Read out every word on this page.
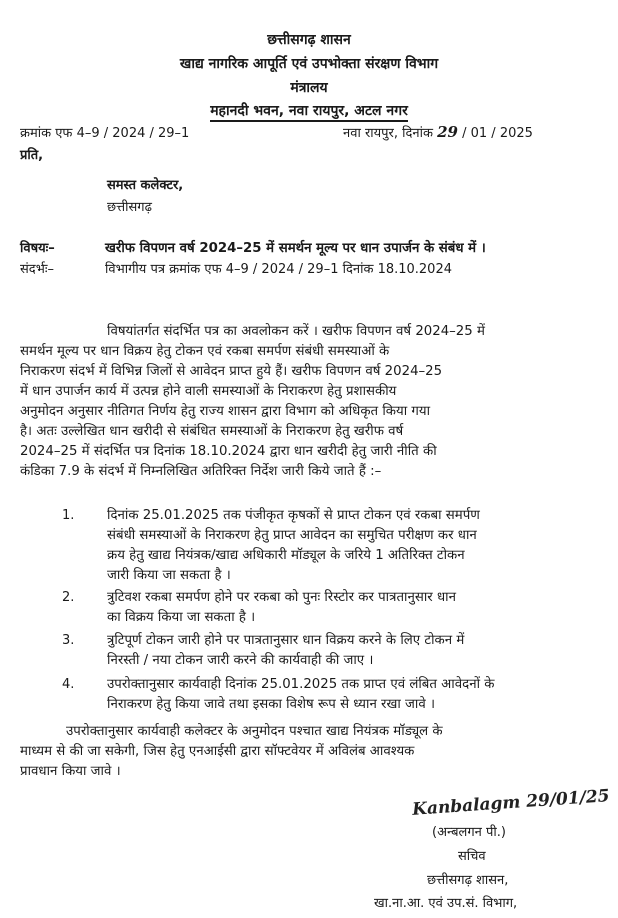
छत्तीसगढ़ शासन
खाद्य नागरिक आपूर्ति एवं उपभोक्ता संरक्षण विभाग
मंत्रालय
महानदी भवन, नवा रायपुर, अटल नगर
क्रमांक एफ 4–9 / 2024 / 29–1	नवा रायपुर, दिनांक 29 / 01 / 2025
प्रति,
समस्त कलेक्टर,
छत्तीसगढ़
विषयः–	खरीफ विपणन वर्ष 2024–25 में समर्थन मूल्य पर धान उपार्जन के संबंध में ।
संदर्भः–	विभागीय पत्र क्रमांक एफ 4–9 / 2024 / 29–1 दिनांक 18.10.2024

विषयांतर्गत संदर्भित पत्र का अवलोकन करें । खरीफ विपणन वर्ष 2024–25 में

समर्थन मूल्य पर धान विक्रय हेतु टोकन एवं रकबा समर्पण संबंधी समस्याओं के

निराकरण संदर्भ में विभिन्न जिलों से आवेदन प्राप्त हुये हैं। खरीफ विपणन वर्ष 2024–25

में धान उपार्जन कार्य में उत्पन्न होने वाली समस्याओं के निराकरण हेतु प्रशासकीय

अनुमोदन अनुसार नीतिगत निर्णय हेतु राज्य शासन द्वारा विभाग को अधिकृत किया गया

है। अतः उल्लेखित धान खरीदी से संबंधित समस्याओं के निराकरण हेतु खरीफ वर्ष

2024–25 में संदर्भित पत्र दिनांक 18.10.2024 द्वारा धान खरीदी हेतु जारी नीति की

कंडिका 7.9 के संदर्भ में निम्नलिखित अतिरिक्त निर्देश जारी किये जाते हैं :–

1. दिनांक 25.01.2025 तक पंजीकृत कृषकों से प्राप्त टोकन एवं रकबा समर्पण
संबंधी समस्याओं के निराकरण हेतु प्राप्त आवेदन का समुचित परीक्षण कर धान
क्रय हेतु खाद्य नियंत्रक/खाद्य अधिकारी मॉड्यूल के जरिये 1 अतिरिक्त टोकन
जारी किया जा सकता है ।
2. त्रुटिवश रकबा समर्पण होने पर रकबा को पुनः रिस्टोर कर पात्रतानुसार धान
का विक्रय किया जा सकता है ।
3. त्रुटिपूर्ण टोकन जारी होने पर पात्रतानुसार धान विक्रय करने के लिए टोकन में
निरस्ती / नया टोकन जारी करने की कार्यवाही की जाए ।
4. उपरोक्तानुसार कार्यवाही दिनांक 25.01.2025 तक प्राप्त एवं लंबित आवेदनों के
निराकरण हेतु किया जावे तथा इसका विशेष रूप से ध्यान रखा जावे ।

उपरोक्तानुसार कार्यवाही कलेक्टर के अनुमोदन पश्चात खाद्य नियंत्रक मॉड्यूल के

माध्यम से की जा सकेगी, जिस हेतु एनआईसी द्वारा सॉफ्टवेयर में अविलंब आवश्यक

प्रावधान किया जावे ।

Kanbalagm 29/01/25
(अन्बलगन पी.)
सचिव
छत्तीसगढ़ शासन,
खा.ना.आ. एवं उप.सं. विभाग,
